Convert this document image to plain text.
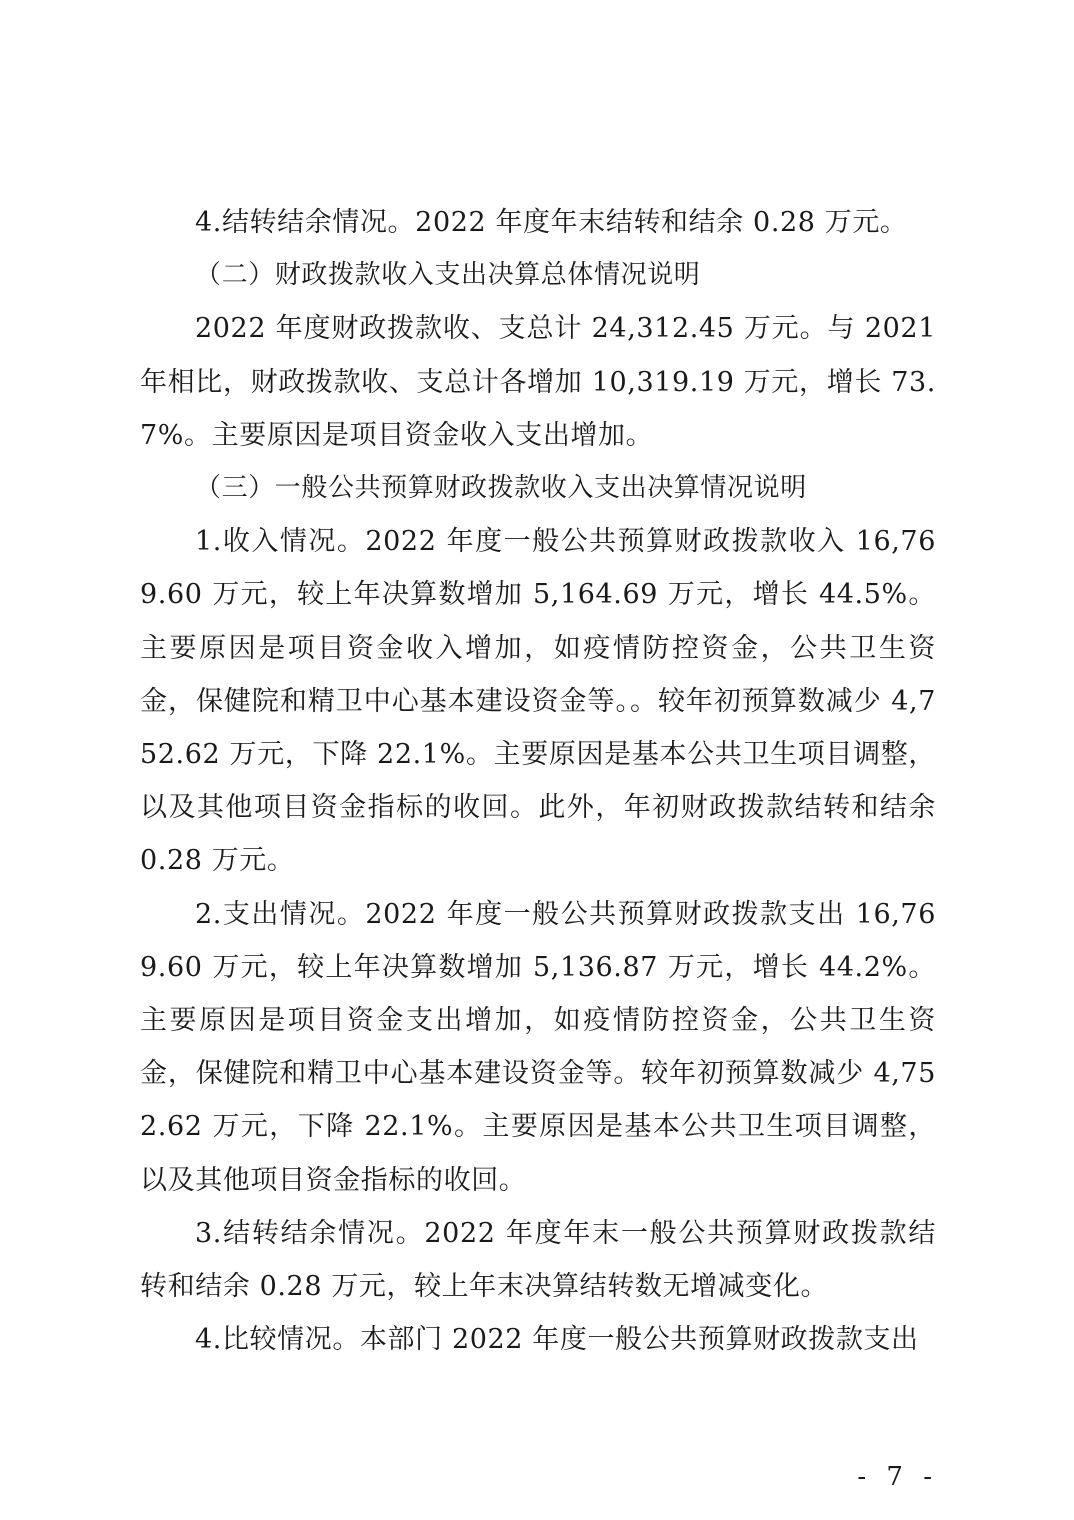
4.结转结余情况。2022 年度年末结转和结余 0.28 万元。

（二）财政拨款收入支出决算总体情况说明

2022 年度财政拨款收、支总计 24,312.45 万元。与 2021 年相比，财政拨款收、支总计各增加 10,319.19 万元，增长 73.7%。主要原因是项目资金收入支出增加。

（三）一般公共预算财政拨款收入支出决算情况说明

1.收入情况。2022 年度一般公共预算财政拨款收入 16,769.60 万元，较上年决算数增加 5,164.69 万元，增长 44.5%。主要原因是项目资金收入增加，如疫情防控资金，公共卫生资金，保健院和精卫中心基本建设资金等。。较年初预算数减少 4,752.62 万元，下降 22.1%。主要原因是基本公共卫生项目调整，以及其他项目资金指标的收回。此外，年初财政拨款结转和结余 0.28 万元。

2.支出情况。2022 年度一般公共预算财政拨款支出 16,769.60 万元，较上年决算数增加 5,136.87 万元，增长 44.2%。主要原因是项目资金支出增加，如疫情防控资金，公共卫生资金，保健院和精卫中心基本建设资金等。较年初预算数减少 4,752.62 万元，下降 22.1%。主要原因是基本公共卫生项目调整，以及其他项目资金指标的收回。

3.结转结余情况。2022 年度年末一般公共预算财政拨款结转和结余 0.28 万元，较上年末决算结转数无增减变化。

4.比较情况。本部门 2022 年度一般公共预算财政拨款支出

- 7 -
